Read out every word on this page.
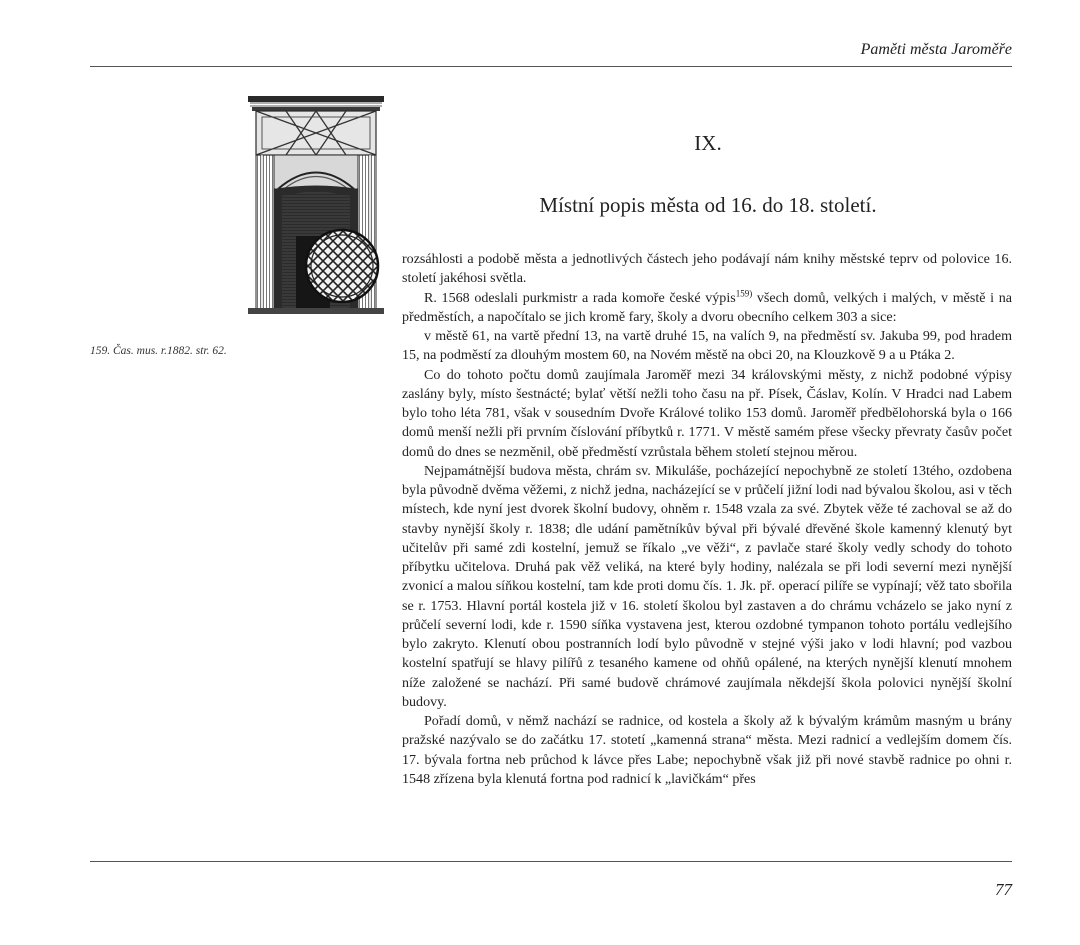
Paměti města Jaroměře
159. Čas. mus. r.1882. str. 62.
IX.
Místní popis města od 16. do 18. století.

rozsáhlosti a podobě města a jednotlivých částech jeho podávají nám knihy městské teprv od polovice 16. století jakéhosi světla.

R. 1568 odeslali purkmistr a rada komoře české výpis$^{159)}$ všech domů, velkých i malých, v městě i na předměstích, a napočítalo se jich kromě fary, školy a dvoru obecního celkem 303 a sice:

v městě 61, na vartě přední 13, na vartě druhé 15, na valích 9, na předměstí sv. Jakuba 99, pod hradem 15, na podměstí za dlouhým mostem 60, na Novém městě na obci 20, na Klouzkově 9 a u Ptáka 2.

Co do tohoto počtu domů zaujímala Jaroměř mezi 34 královskými městy, z nichž podobné výpisy zaslány byly, místo šestnácté; bylať větší nežli toho času na př. Písek, Čáslav, Kolín. V Hradci nad Labem bylo toho léta 781, však v sousedním Dvoře Králové toliko 153 domů. Jaroměř předbělohorská byla o 166 domů menší nežli při prvním číslování příbytků r. 1771. V městě samém přese všecky převraty časův počet domů do dnes se nezměnil, obě předměstí vzrůstala během století stejnou měrou.

Nejpamátnější budova města, chrám sv. Mikuláše, pocházející nepochybně ze století 13tého, ozdobena byla původně dvěma věžemi, z nichž jedna, nacházející se v průčelí jižní lodi nad bývalou školou, asi v těch místech, kde nyní jest dvorek školní budovy, ohněm r. 1548 vzala za své. Zbytek věže té zachoval se až do stavby nynější školy r. 1838; dle udání pamětníkův býval při bývalé dřevěné škole kamenný klenutý byt učitelův při samé zdi kostelní, jemuž se říkalo „ve věži“, z pavlače staré školy vedly schody do tohoto příbytku učitelova. Druhá pak věž veliká, na které byly hodiny, nalézala se při lodi severní mezi nynější zvonicí a malou síňkou kostelní, tam kde proti domu čís. 1. Jk. př. operací pilíře se vypínají; věž tato sbořila se r. 1753. Hlavní portál kostela již v 16. století školou byl zastaven a do chrámu vcházelo se jako nyní z průčelí severní lodi, kde r. 1590 síňka vystavena jest, kterou ozdobné tympanon tohoto portálu vedlejšího bylo zakryto. Klenutí obou postranních lodí bylo původně v stejné výši jako v lodi hlavní; pod vazbou kostelní spatřují se hlavy pilířů z tesaného kamene od ohňů opálené, na kterých nynější klenutí mnohem níže založené se nachází. Při samé budově chrámové zaujímala někdejší škola polovici nynější školní budovy.

Pořadí domů, v němž nachází se radnice, od kostela a školy až k bývalým krámům masným u brány pražské nazývalo se do začátku 17. stotetí „kamenná strana“ města. Mezi radnicí a vedlejším domem čís. 17. bývala fortna neb průchod k lávce přes Labe; nepochybně však již při nové stavbě radnice po ohni r. 1548 zřízena byla klenutá fortna pod radnicí k „lavičkám“ přes

77
